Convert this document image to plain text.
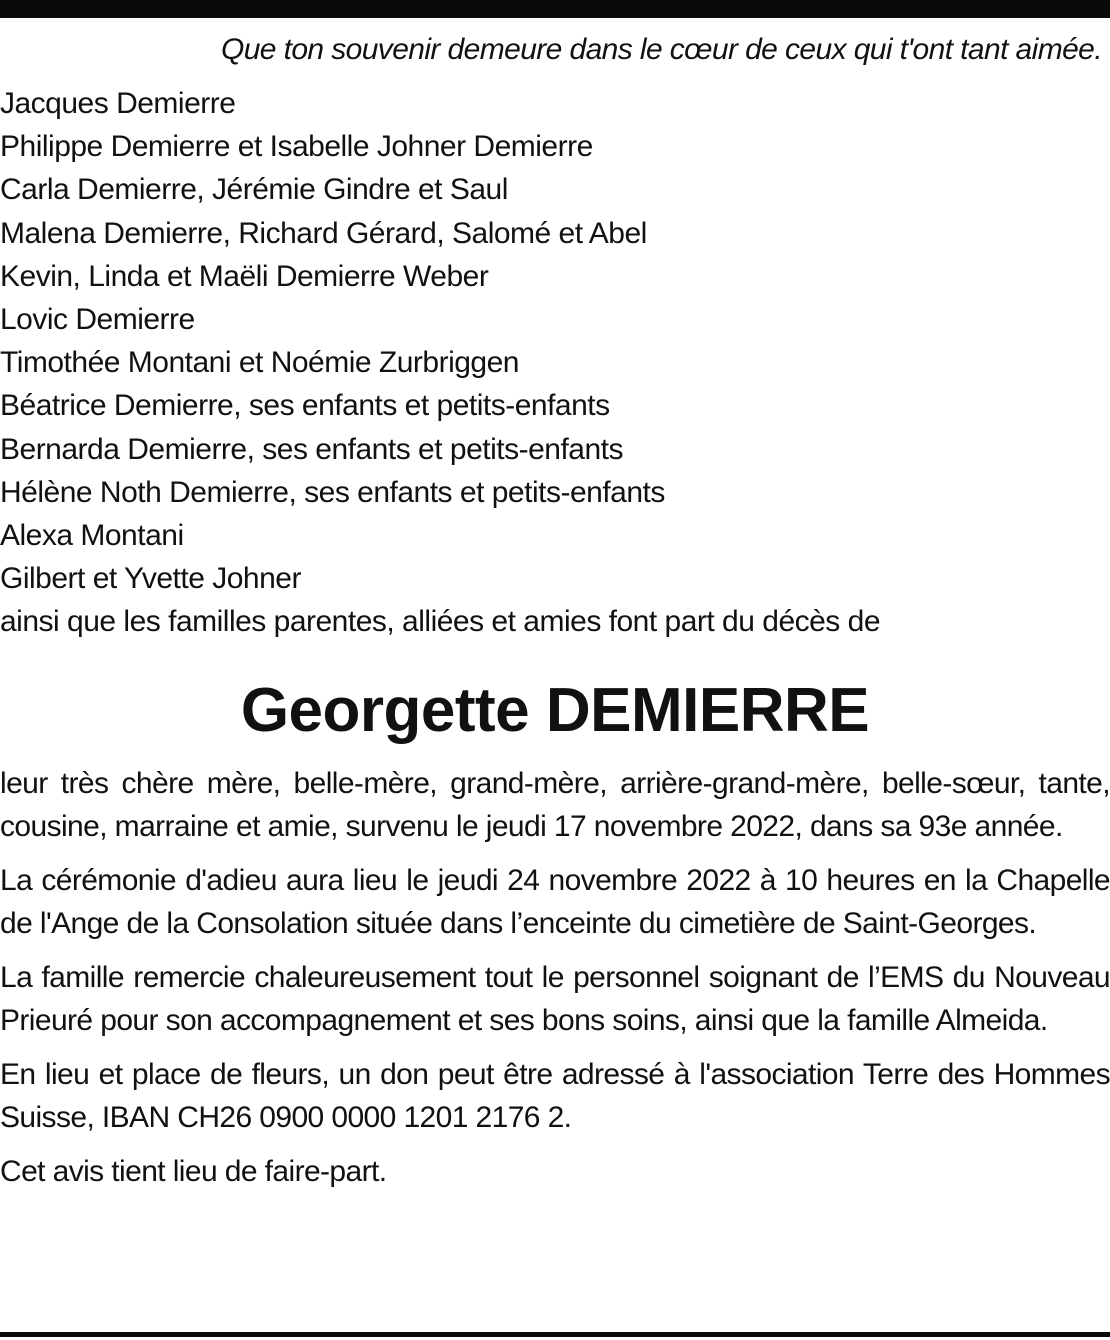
Que ton souvenir demeure dans le cœur de ceux qui t'ont tant aimée.

Jacques Demierre
Philippe Demierre et Isabelle Johner Demierre
Carla Demierre, Jérémie Gindre et Saul
Malena Demierre, Richard Gérard, Salomé et Abel
Kevin, Linda et Maëli Demierre Weber
Lovic Demierre
Timothée Montani et Noémie Zurbriggen
Béatrice Demierre, ses enfants et petits-enfants
Bernarda Demierre, ses enfants et petits-enfants
Hélène Noth Demierre, ses enfants et petits-enfants
Alexa Montani
Gilbert et Yvette Johner
ainsi que les familles parentes, alliées et amies font part du décès de
Georgette DEMIERRE

leur très chère mère, belle-mère, grand-mère, arrière-grand-mère, belle-sœur, tante, cousine, marraine et amie, survenu le jeudi 17 novembre 2022, dans sa 93e année.

La cérémonie d'adieu aura lieu le jeudi 24 novembre 2022 à 10 heures en la Chapelle de l'Ange de la Consolation située dans l’enceinte du cimetière de Saint-Georges.

La famille remercie chaleureusement tout le personnel soignant de l’EMS du Nouveau Prieuré pour son accompagnement et ses bons soins, ainsi que la famille Almeida.

En lieu et place de fleurs, un don peut être adressé à l'association Terre des Hommes Suisse, IBAN CH26 0900 0000 1201 2176 2.

Cet avis tient lieu de faire-part.
